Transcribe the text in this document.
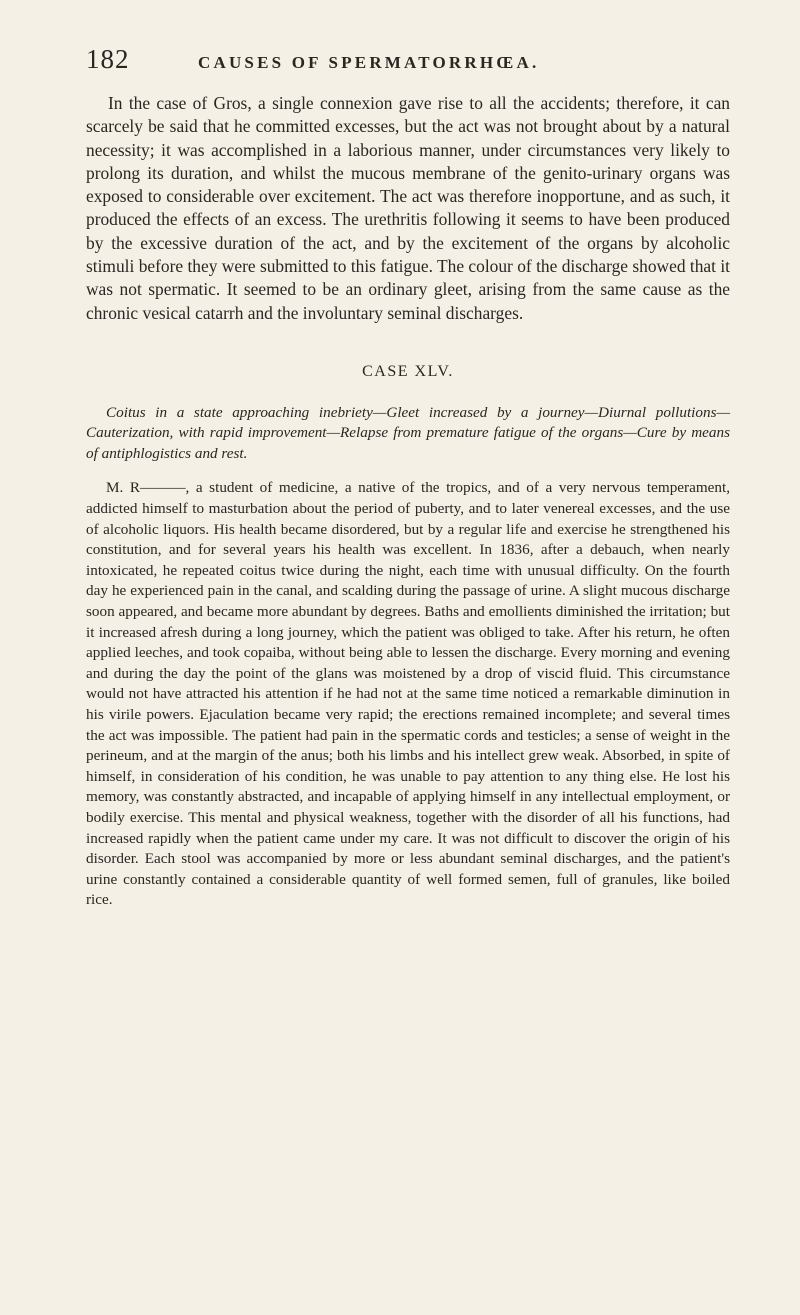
182	CAUSES OF SPERMATORRHŒA.

In the case of Gros, a single connexion gave rise to all the accidents; therefore, it can scarcely be said that he committed excesses, but the act was not brought about by a natural necessity; it was accomplished in a laborious manner, under circumstances very likely to prolong its duration, and whilst the mucous membrane of the genito-urinary organs was exposed to considerable over excitement. The act was therefore inopportune, and as such, it produced the effects of an excess. The urethritis following it seems to have been produced by the excessive duration of the act, and by the excitement of the organs by alcoholic stimuli before they were submitted to this fatigue. The colour of the discharge showed that it was not spermatic. It seemed to be an ordinary gleet, arising from the same cause as the chronic vesical catarrh and the involuntary seminal discharges.

CASE XLV.

Coitus in a state approaching inebriety—Gleet increased by a journey—Diurnal pollutions—Cauterization, with rapid improvement—Relapse from premature fatigue of the organs—Cure by means of antiphlogistics and rest.

M. R———, a student of medicine, a native of the tropics, and of a very nervous temperament, addicted himself to masturbation about the period of puberty, and to later venereal excesses, and the use of alcoholic liquors. His health became disordered, but by a regular life and exercise he strengthened his constitution, and for several years his health was excellent. In 1836, after a debauch, when nearly intoxicated, he repeated coitus twice during the night, each time with unusual difficulty. On the fourth day he experienced pain in the canal, and scalding during the passage of urine. A slight mucous discharge soon appeared, and became more abundant by degrees. Baths and emollients diminished the irritation; but it increased afresh during a long journey, which the patient was obliged to take. After his return, he often applied leeches, and took copaiba, without being able to lessen the discharge. Every morning and evening and during the day the point of the glans was moistened by a drop of viscid fluid. This circumstance would not have attracted his attention if he had not at the same time noticed a remarkable diminution in his virile powers. Ejaculation became very rapid; the erections remained incomplete; and several times the act was impossible. The patient had pain in the spermatic cords and testicles; a sense of weight in the perineum, and at the margin of the anus; both his limbs and his intellect grew weak. Absorbed, in spite of himself, in consideration of his condition, he was unable to pay attention to any thing else. He lost his memory, was constantly abstracted, and incapable of applying himself in any intellectual employment, or bodily exercise. This mental and physical weakness, together with the disorder of all his functions, had increased rapidly when the patient came under my care. It was not difficult to discover the origin of his disorder. Each stool was accompanied by more or less abundant seminal discharges, and the patient's urine constantly contained a considerable quantity of well formed semen, full of granules, like boiled rice.
